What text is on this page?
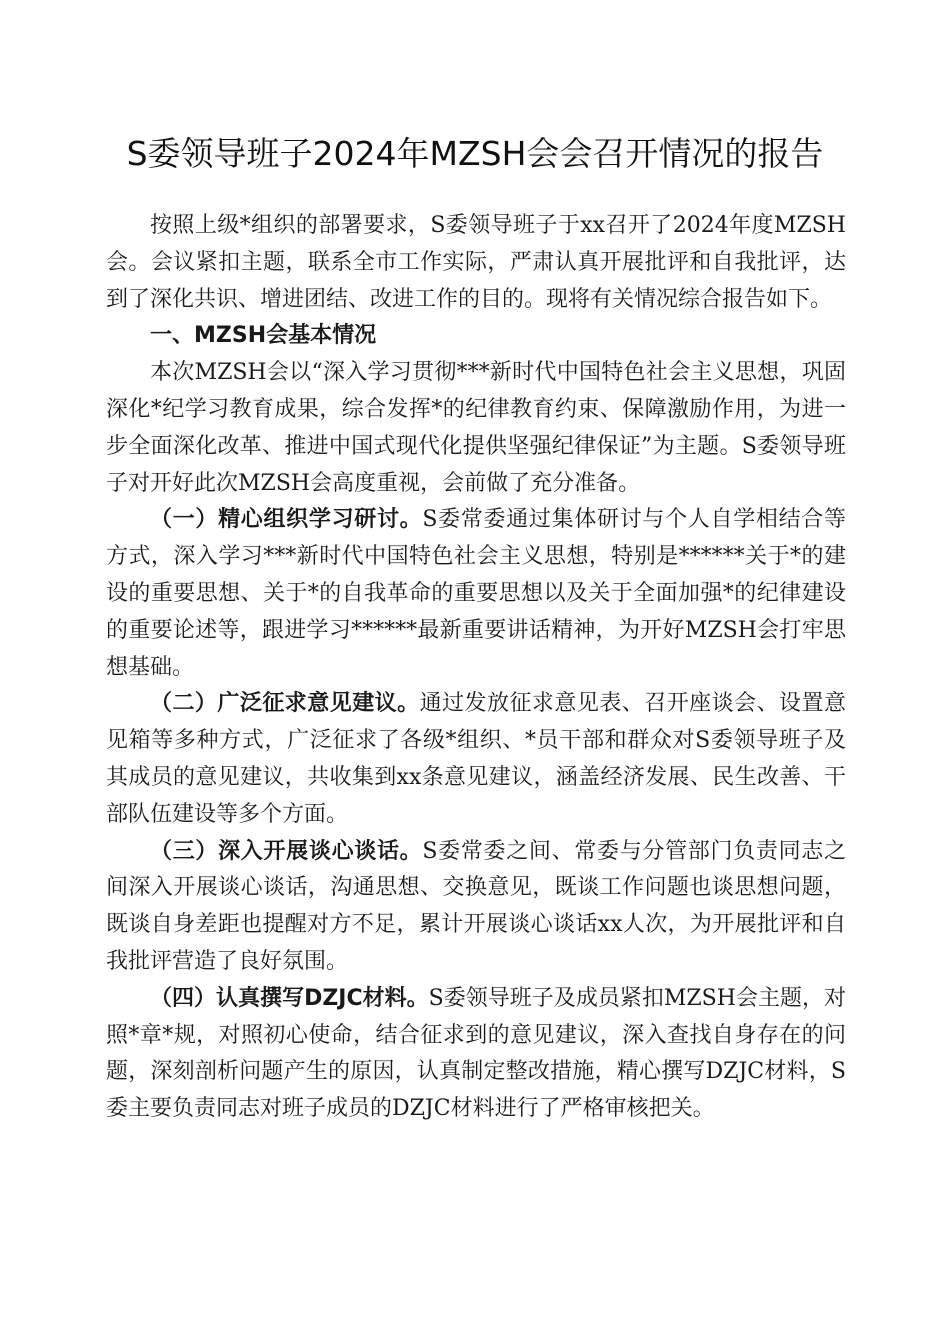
S委领导班子2024年MZSH会会召开情况的报告

按照上级*组织的部署要求，S委领导班子于xx召开了2024年度MZSH会。会议紧扣主题，联系全市工作实际，严肃认真开展批评和自我批评，达到了深化共识、增进团结、改进工作的目的。现将有关情况综合报告如下。

一、MZSH会基本情况

本次MZSH会以“深入学习贯彻***新时代中国特色社会主义思想，巩固深化*纪学习教育成果，综合发挥*的纪律教育约束、保障激励作用，为进一步全面深化改革、推进中国式现代化提供坚强纪律保证”为主题。S委领导班子对开好此次MZSH会高度重视，会前做了充分准备。

（一）精心组织学习研讨。S委常委通过集体研讨与个人自学相结合等方式，深入学习***新时代中国特色社会主义思想，特别是******关于*的建设的重要思想、关于*的自我革命的重要思想以及关于全面加强*的纪律建设的重要论述等，跟进学习******最新重要讲话精神，为开好MZSH会打牢思想基础。

（二）广泛征求意见建议。通过发放征求意见表、召开座谈会、设置意见箱等多种方式，广泛征求了各级*组织、*员干部和群众对S委领导班子及其成员的意见建议，共收集到xx条意见建议，涵盖经济发展、民生改善、干部队伍建设等多个方面。

（三）深入开展谈心谈话。S委常委之间、常委与分管部门负责同志之间深入开展谈心谈话，沟通思想、交换意见，既谈工作问题也谈思想问题，既谈自身差距也提醒对方不足，累计开展谈心谈话xx人次，为开展批评和自我批评营造了良好氛围。

（四）认真撰写DZJC材料。S委领导班子及成员紧扣MZSH会主题，对照*章*规，对照初心使命，结合征求到的意见建议，深入查找自身存在的问题，深刻剖析问题产生的原因，认真制定整改措施，精心撰写DZJC材料，S委主要负责同志对班子成员的DZJC材料进行了严格审核把关。
